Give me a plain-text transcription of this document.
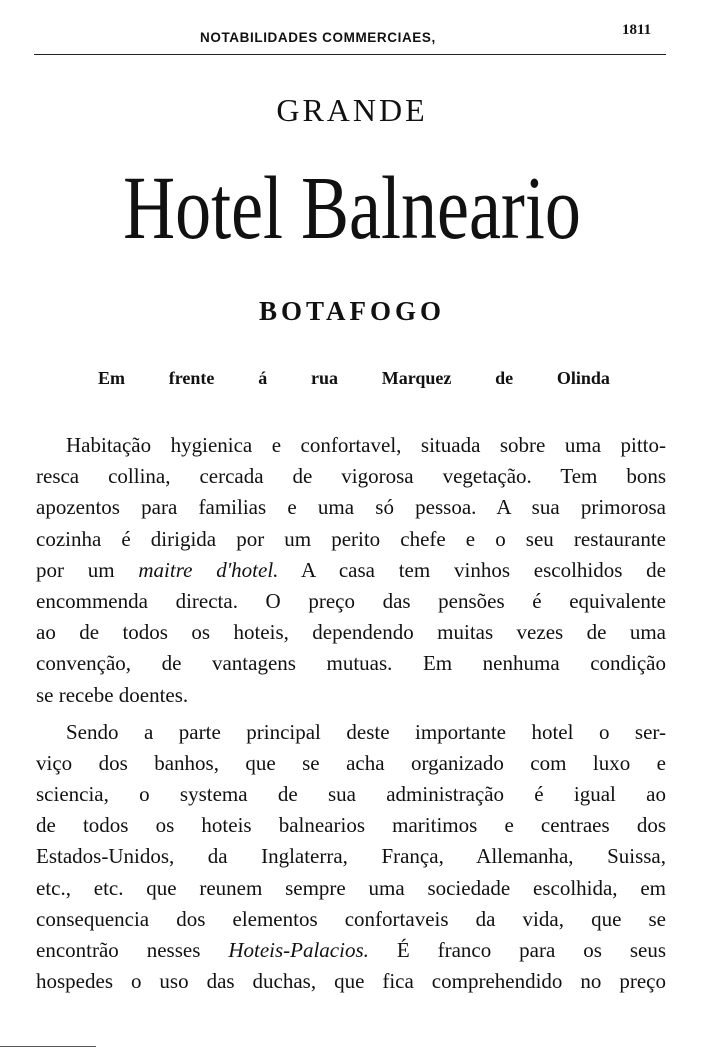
NOTABILIDADES COMMERCIAES,	1811
GRANDE
Hotel Balneario
BOTAFOGO
Em frente á rua Marquez de Olinda
Habitação hygienica e confortavel, situada sobre uma pitto-
resca collina, cercada de vigorosa vegetação. Tem bons
apozentos para familias e uma só pessoa. A sua primorosa
cozinha é dirigida por um perito chefe e o seu restaurante
por um maitre d'hotel. A casa tem vinhos escolhidos de
encommenda directa. O preço das pensões é equivalente
ao de todos os hoteis, dependendo muitas vezes de uma
convenção, de vantagens mutuas. Em nenhuma condição
se recebe doentes.
Sendo a parte principal deste importante hotel o ser-
viço dos banhos, que se acha organizado com luxo e
sciencia, o systema de sua administração é igual ao
de todos os hoteis balnearios maritimos e centraes dos
Estados-Unidos, da Inglaterra, França, Allemanha, Suissa,
etc., etc. que reunem sempre uma sociedade escolhida, em
consequencia dos elementos confortaveis da vida, que se
encontrão nesses Hoteis-Palacios. É franco para os seus
hospedes o uso das duchas, que fica comprehendido no preço
